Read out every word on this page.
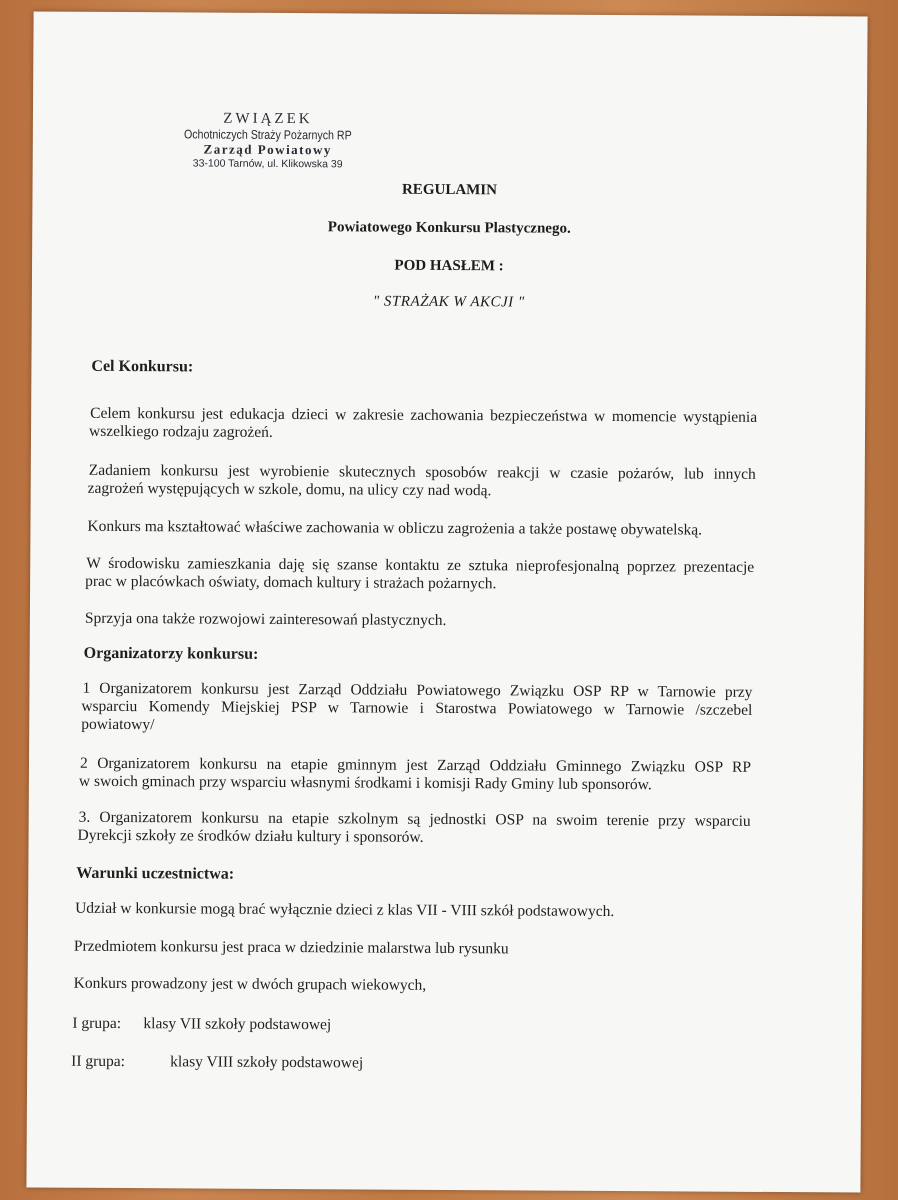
ZWIĄZEK
Ochotniczych Straży Pożarnych RP
Zarząd Powiatowy
33-100 Tarnów, ul. Klikowska 39
REGULAMIN
Powiatowego Konkursu Plastycznego.
POD HASŁEM :
" STRAŻAK W AKCJI "
Cel Konkursu:
Celem konkursu jest edukacja dzieci w zakresie zachowania bezpieczeństwa w momencie wystąpienia
wszelkiego rodzaju zagrożeń.
Zadaniem konkursu jest wyrobienie skutecznych sposobów reakcji w czasie pożarów, lub innych
zagrożeń występujących w szkole, domu, na ulicy czy nad wodą.
Konkurs ma kształtować właściwe zachowania w obliczu zagrożenia a także postawę obywatelską.
W środowisku zamieszkania daję się szanse kontaktu ze sztuka nieprofesjonalną poprzez prezentacje
prac w placówkach oświaty, domach kultury i strażach pożarnych.
Sprzyja ona także rozwojowi zainteresowań plastycznych.
Organizatorzy konkursu:
1 Organizatorem konkursu jest Zarząd Oddziału Powiatowego Związku OSP RP w Tarnowie przy
wsparciu Komendy Miejskiej PSP w Tarnowie i Starostwa Powiatowego w Tarnowie /szczebel
powiatowy/
2 Organizatorem konkursu na etapie gminnym jest Zarząd Oddziału Gminnego Związku OSP RP
w swoich gminach przy wsparciu własnymi środkami i komisji Rady Gminy lub sponsorów.
3. Organizatorem konkursu na etapie szkolnym są jednostki OSP na swoim terenie przy wsparciu
Dyrekcji szkoły ze środków działu kultury i sponsorów.
Warunki uczestnictwa:
Udział w konkursie mogą brać wyłącznie dzieci z klas VII - VIII szkół podstawowych.
Przedmiotem konkursu jest praca w dziedzinie malarstwa lub rysunku
Konkurs prowadzony jest w dwóch grupach wiekowych,
I grupa: klasy VII szkoły podstawowej
II grupa:	klasy VIII szkoły podstawowej
